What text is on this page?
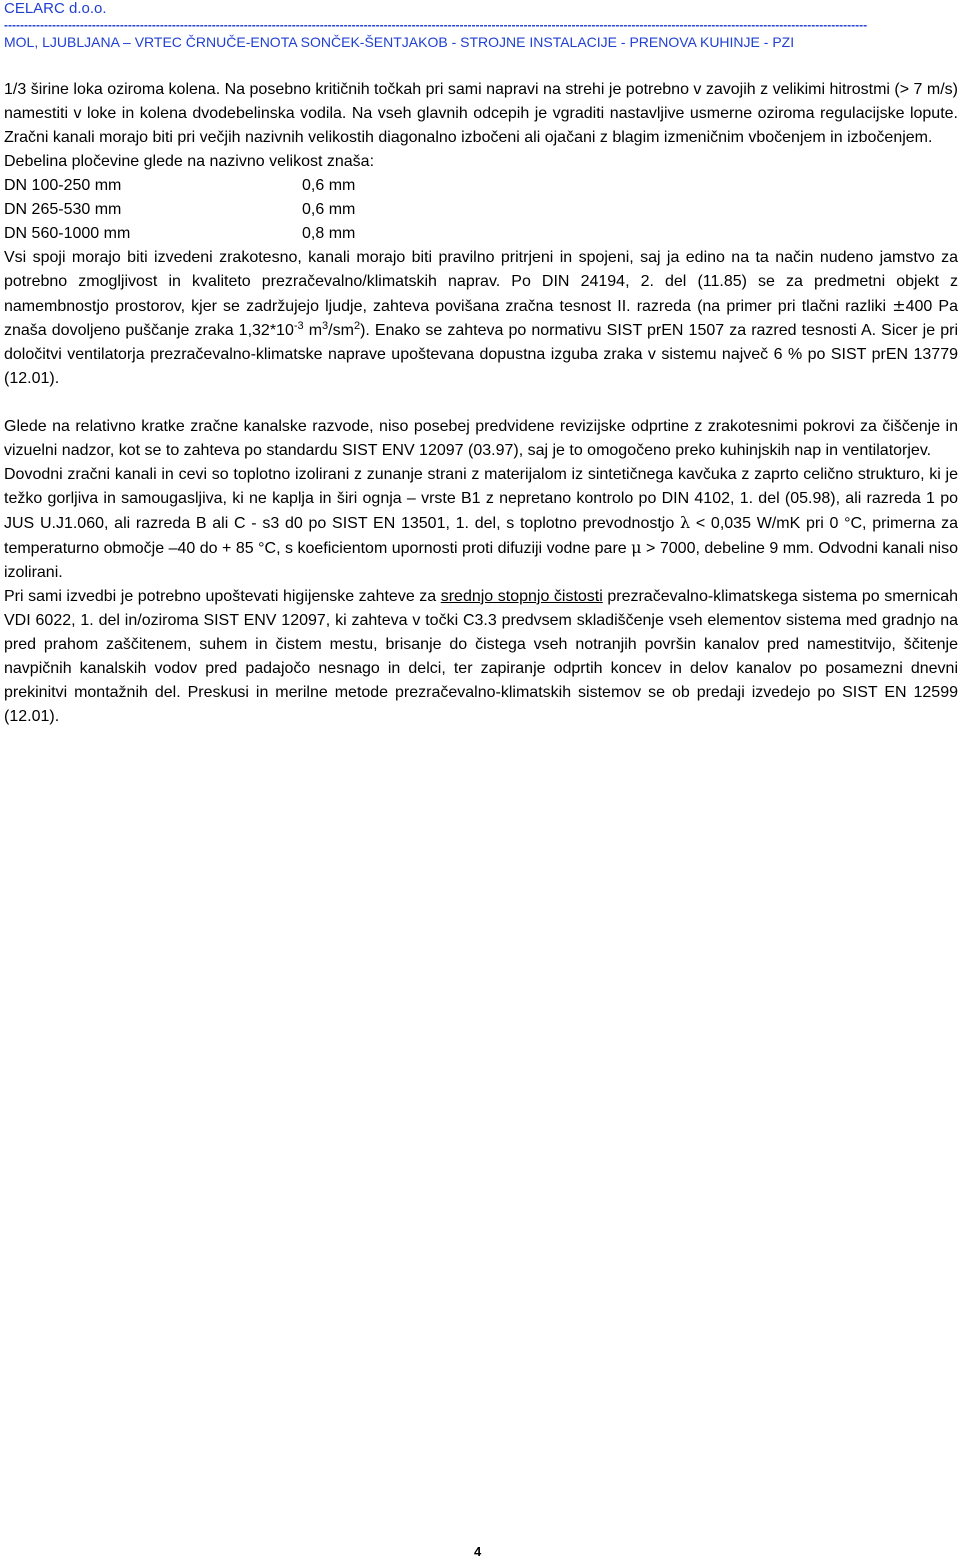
CELARC d.o.o.
------------------------------------------------------------------------------------------------------------------------------------------------------------------------------------------------------------------------
MOL, LJUBLJANA – VRTEC ČRNUČE-ENOTA SONČEK-ŠENTJAKOB - STROJNE INSTALACIJE - PRENOVA KUHINJE - PZI

1/3 širine loka oziroma kolena. Na posebno kritičnih točkah pri sami napravi na strehi je potrebno v zavojih z velikimi hitrostmi (> 7 m/s) namestiti v loke in kolena dvodebelinska vodila. Na vseh glavnih odcepih je vgraditi nastavljive usmerne oziroma regulacijske lopute. Zračni kanali morajo biti pri večjih nazivnih velikostih diagonalno izbočeni ali ojačani z blagim izmeničnim vbočenjem in izbočenjem.

Debelina pločevine glede na nazivno velikost znaša:

DN 100-250 mm	0,6 mm
DN 265-530 mm	0,6 mm
DN 560-1000 mm	0,8 mm

Vsi spoji morajo biti izvedeni zrakotesno, kanali morajo biti pravilno pritrjeni in spojeni, saj ja edino na ta način nudeno jamstvo za potrebno zmogljivost in kvaliteto prezračevalno/klimatskih naprav. Po DIN 24194, 2. del (11.85) se za predmetni objekt z namembnostjo prostorov, kjer se zadržujejo ljudje, zahteva povišana zračna tesnost II. razreda (na primer pri tlačni razliki ±400 Pa znaša dovoljeno puščanje zraka $1,32*10^{-3}$ $m^3/sm^2$). Enako se zahteva po normativu SIST prEN 1507 za razred tesnosti A. Sicer je pri določitvi ventilatorja prezračevalno-klimatske naprave upoštevana dopustna izguba zraka v sistemu največ 6 % po SIST prEN 13779 (12.01).

Glede na relativno kratke zračne kanalske razvode, niso posebej predvidene revizijske odprtine z zrakotesnimi pokrovi za čiščenje in vizuelni nadzor, kot se to zahteva po standardu SIST ENV 12097 (03.97), saj je to omogočeno preko kuhinjskih nap in ventilatorjev.

Dovodni zračni kanali in cevi so toplotno izolirani z zunanje strani z materijalom iz sintetičnega kavčuka z zaprto celično strukturo, ki je težko gorljiva in samougasljiva, ki ne kaplja in širi ognja – vrste B1 z nepretano kontrolo po DIN 4102, 1. del (05.98), ali razreda 1 po JUS U.J1.060, ali razreda B ali C - s3 d0 po SIST EN 13501, 1. del, s toplotno prevodnostjo λ < 0,035 W/mK pri 0 °C, primerna za temperaturno območje –40 do + 85 °C, s koeficientom upornosti proti difuziji vodne pare μ > 7000, debeline 9 mm. Odvodni kanali niso izolirani.

Pri sami izvedbi je potrebno upoštevati higijenske zahteve za srednjo stopnjo čistosti prezračevalno-klimatskega sistema po smernicah VDI 6022, 1. del in/oziroma SIST ENV 12097, ki zahteva v točki C3.3 predvsem skladiščenje vseh elementov sistema med gradnjo na pred prahom zaščitenem, suhem in čistem mestu, brisanje do čistega vseh notranjih površin kanalov pred namestitvijo, ščitenje navpičnih kanalskih vodov pred padajočo nesnago in delci, ter zapiranje odprtih koncev in delov kanalov po posamezni dnevni prekinitvi montažnih del. Preskusi in merilne metode prezračevalno-klimatskih sistemov se ob predaji izvedejo po SIST EN 12599 (12.01).

4
